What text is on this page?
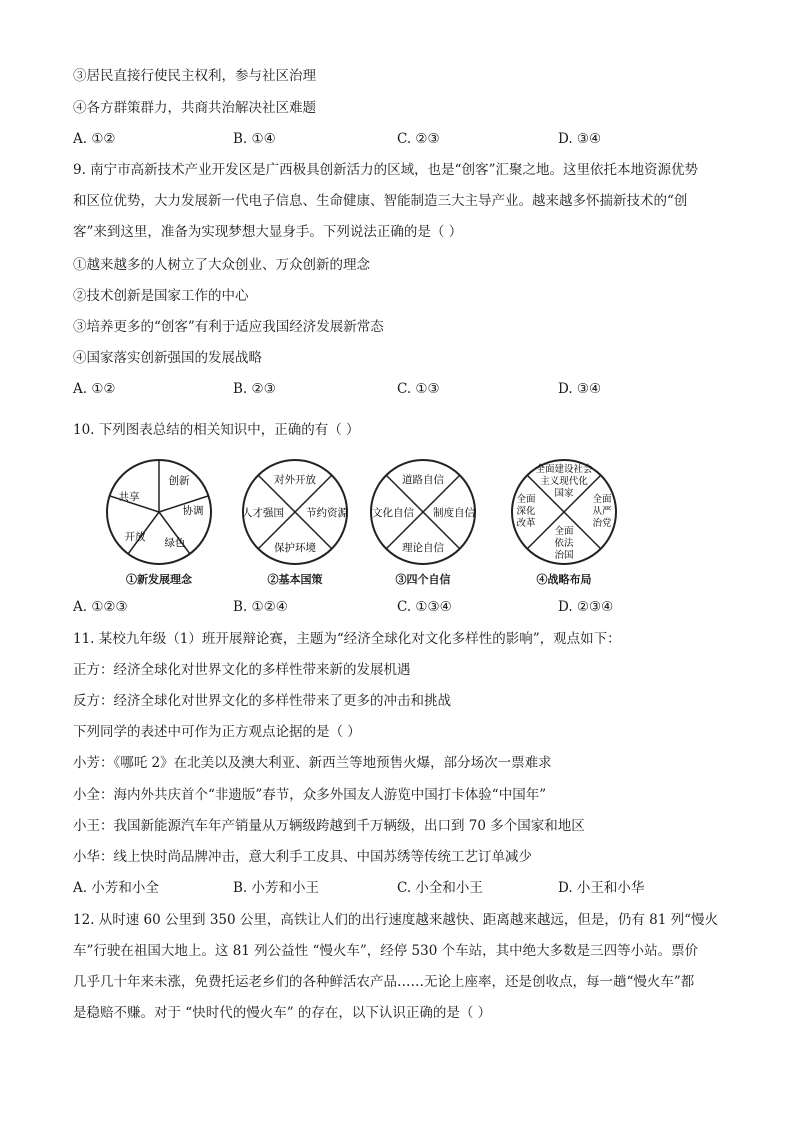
③居民直接行使民主权利，参与社区治理
④各方群策群力，共商共治解决社区难题
A. ①②	B. ①④	C. ②③	D. ③④
9. 南宁市高新技术产业开发区是广西极具创新活力的区域，也是“创客”汇聚之地。这里依托本地资源优势
和区位优势，大力发展新一代电子信息、生命健康、智能制造三大主导产业。越来越多怀揣新技术的“创
客”来到这里，准备为实现梦想大显身手。下列说法正确的是（ ）
①越来越多的人树立了大众创业、万众创新的理念
②技术创新是国家工作的中心
③培养更多的“创客”有利于适应我国经济发展新常态
④国家落实创新强国的发展战略
A. ①②	B. ②③	C. ①③	D. ③④
10. 下列图表总结的相关知识中，正确的有（ ）
创新
协调
绿色
开放
共享
①新发展理念
对外开放
人才强国 节约资源
保护环境
②基本国策
道路自信
文化自信 制度自信
理论自信
③四个自信
全面建设社会
主义现代化
国家
全面
深化
改革
全面
从严
治党
全面
依法
治国
④战略布局
A. ①②③	B. ①②④	C. ①③④	D. ②③④
11. 某校九年级（1）班开展辩论赛，主题为“经济全球化对文化多样性的影响”，观点如下：
正方：经济全球化对世界文化的多样性带来新的发展机遇
反方：经济全球化对世界文化的多样性带来了更多的冲击和挑战
下列同学的表述中可作为正方观点论据的是（ ）
小芳：《哪吒 2》在北美以及澳大利亚、新西兰等地预售火爆，部分场次一票难求
小全：海内外共庆首个“非遗版”春节，众多外国友人游览中国打卡体验“中国年”
小王：我国新能源汽车年产销量从万辆级跨越到千万辆级，出口到 70 多个国家和地区
小华：线上快时尚品牌冲击，意大利手工皮具、中国苏绣等传统工艺订单减少
A. 小芳和小全	B. 小芳和小王	C. 小全和小王	D. 小王和小华
12. 从时速 60 公里到 350 公里，高铁让人们的出行速度越来越快、距离越来越远，但是，仍有 81 列“慢火
车”行驶在祖国大地上。这 81 列公益性 “慢火车”，经停 530 个车站，其中绝大多数是三四等小站。票价
几乎几十年来未涨，免费托运老乡们的各种鲜活农产品……无论上座率，还是创收点，每一趟“慢火车”都
是稳赔不赚。对于 “快时代的慢火车” 的存在，以下认识正确的是（ ）
